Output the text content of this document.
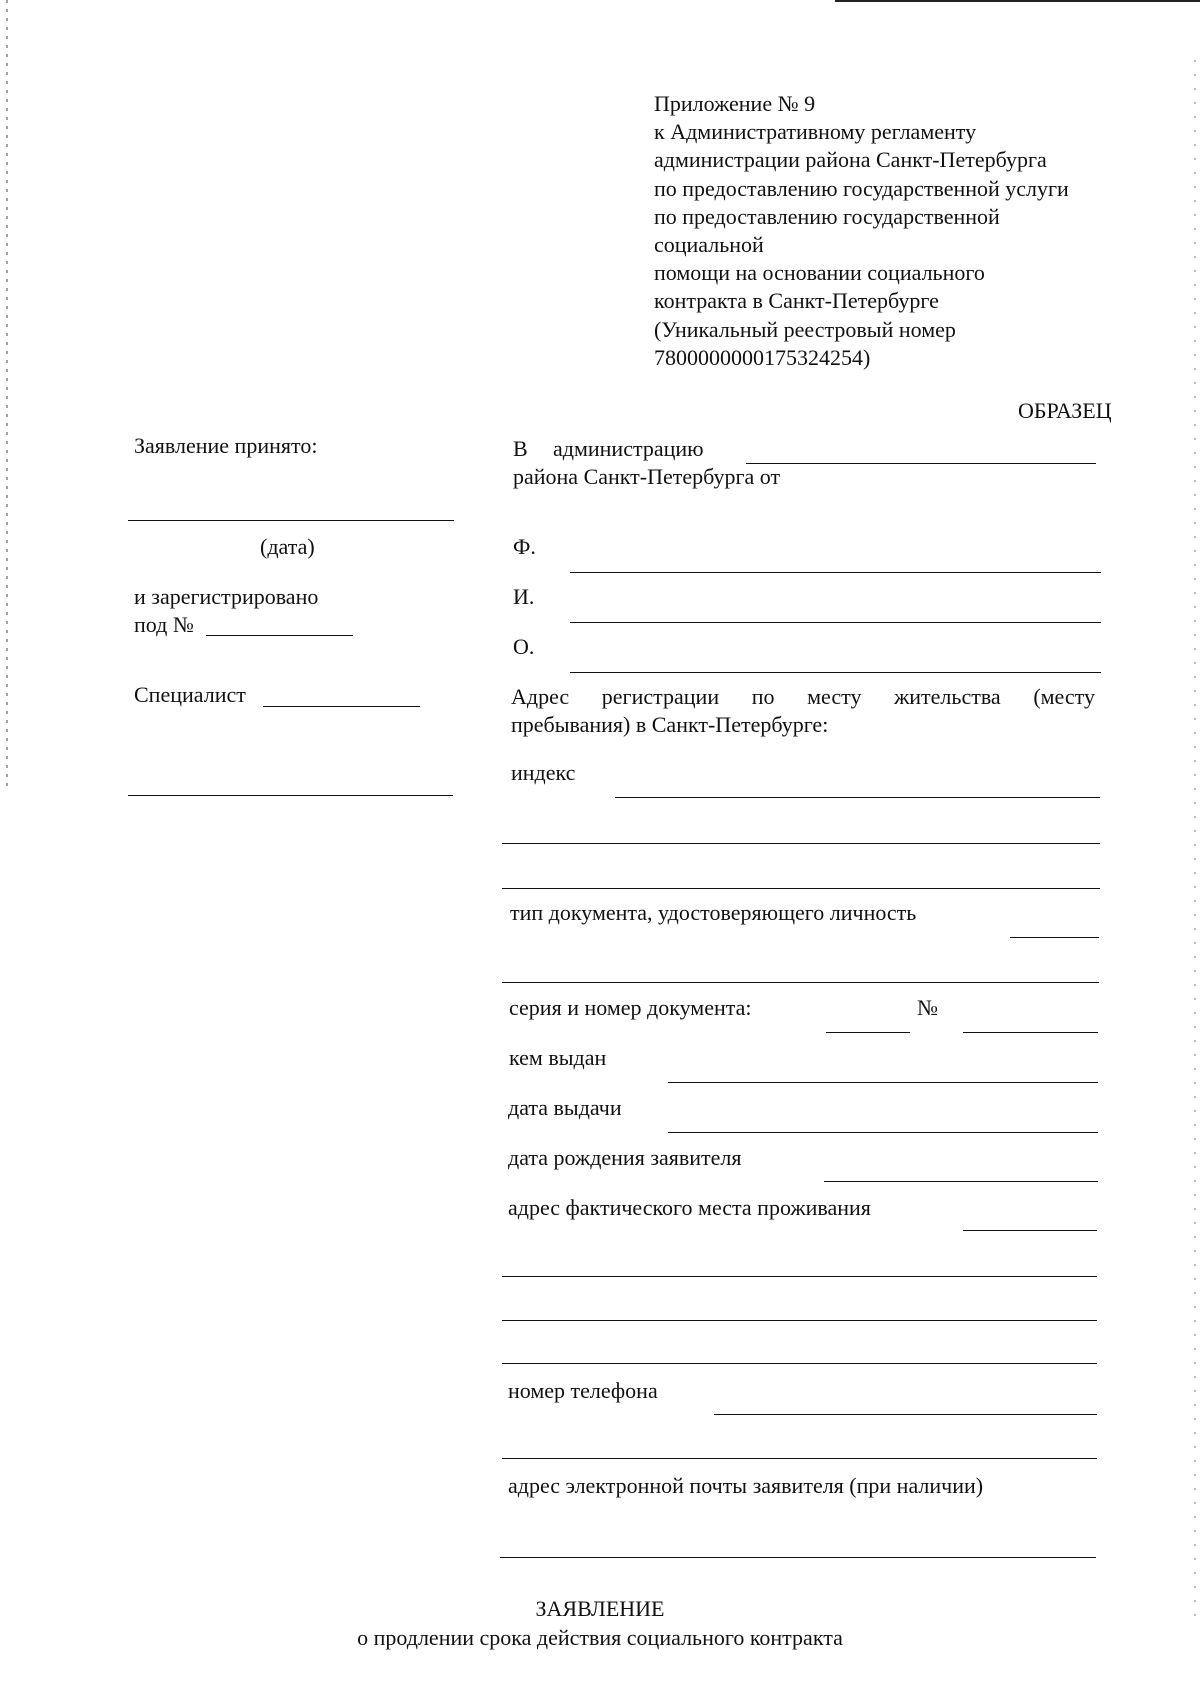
Приложение № 9
к Административному регламенту
администрации района Санкт-Петербурга
по предоставлению государственной услуги
по предоставлению государственной
социальной
помощи на основании социального
контракта в Санкт-Петербурге
(Уникальный реестровый номер
7800000000175324254)
ОБРАЗЕЦ
Заявление принято:
(дата)
и зарегистрировано
под №
Специалист
В администрацию
района Санкт-Петербурга от
Ф.
И.
О.
Адрес регистрации по месту жительства (месту
пребывания) в Санкт-Петербурге:
индекс
тип документа, удостоверяющего личность
серия и номер документа:	№
кем выдан
дата выдачи
дата рождения заявителя
адрес фактического места проживания
номер телефона
адрес электронной почты заявителя (при наличии)
ЗАЯВЛЕНИЕ
о продлении срока действия социального контракта
